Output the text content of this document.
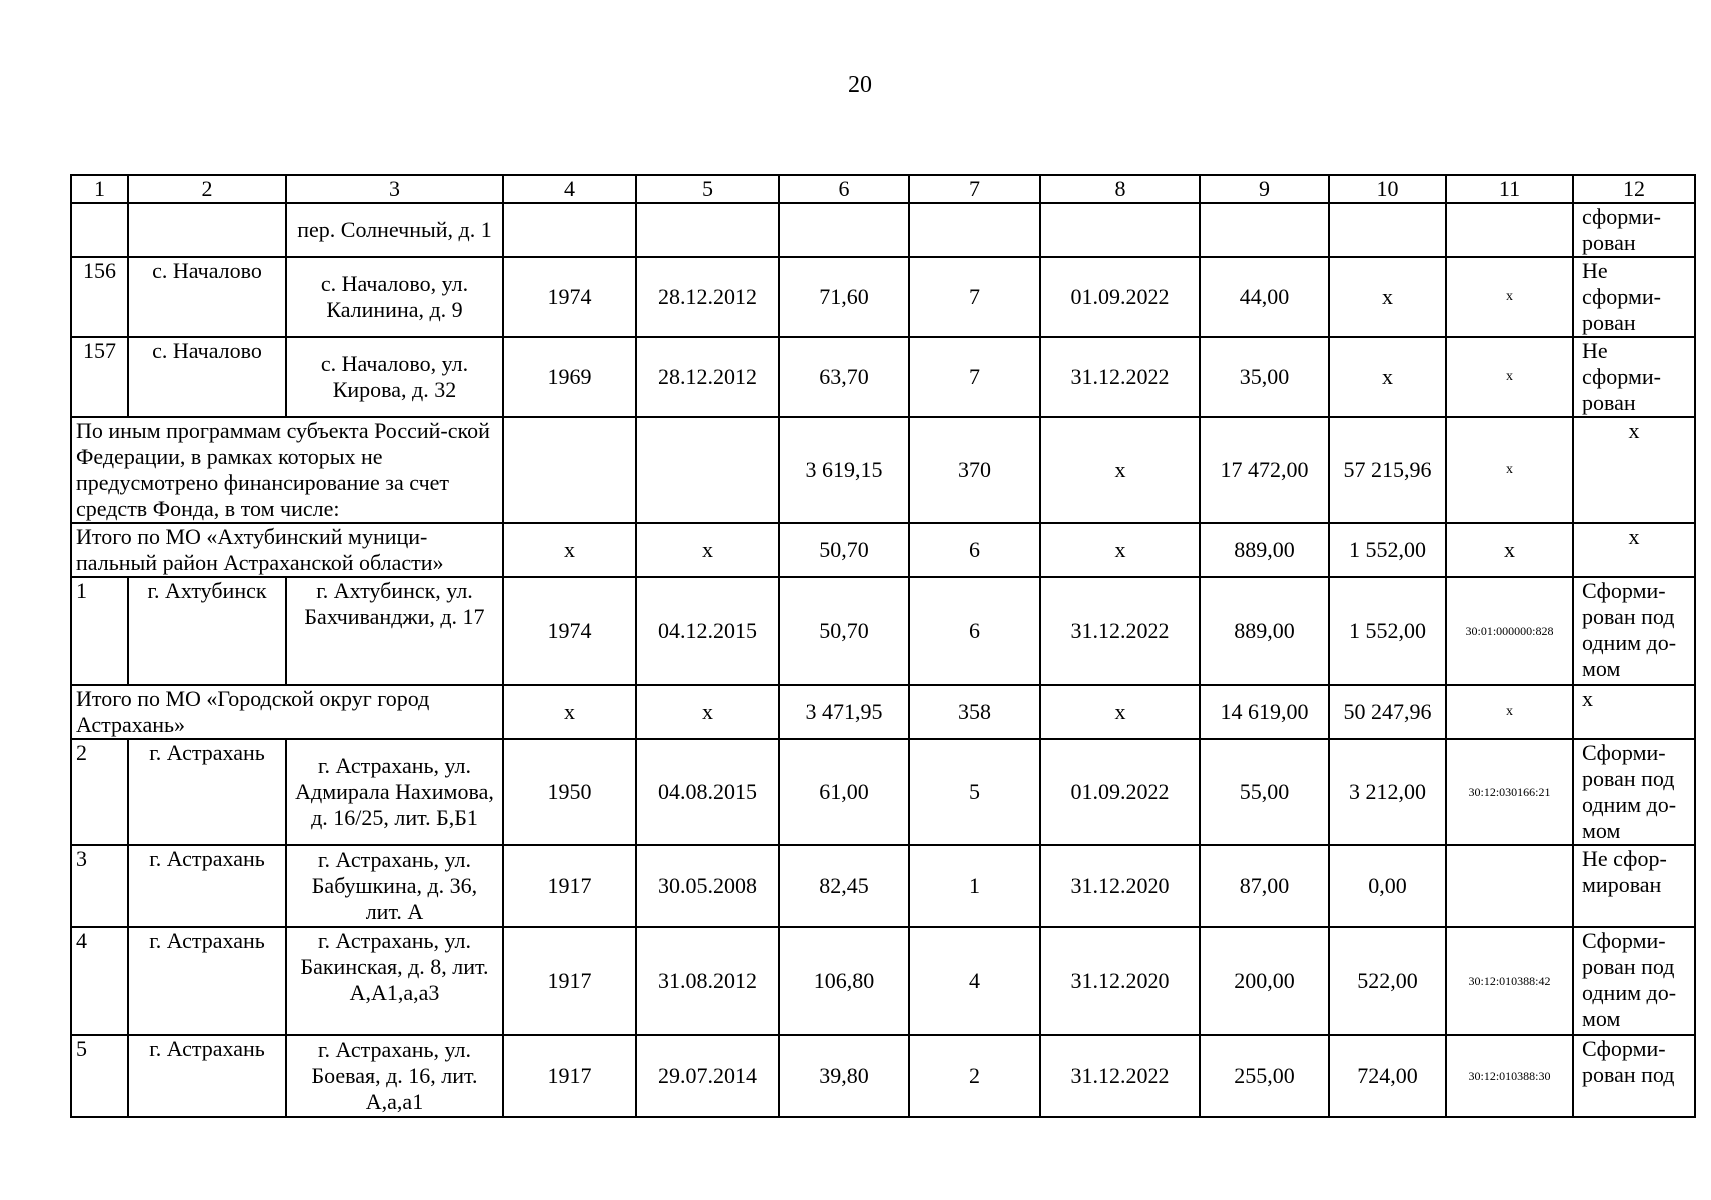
20
1	2	3	4	5	6	7	8	9	10	11	12
		пер. Солнечный, д. 1									сформи-рован
156	с. Началово	с. Началово, ул. Калинина, д. 9	1974	28.12.2012	71,60	7	01.09.2022	44,00	x	x	Не сформи-рован
157	с. Началово	с. Началово, ул. Кирова, д. 32	1969	28.12.2012	63,70	7	31.12.2022	35,00	x	x	Не сформи-рован
По иным программам субъекта Россий-ской Федерации, в рамках которых не предусмотрено финансирование за счет средств Фонда, в том числе:					3 619,15	370	x	17 472,00	57 215,96	x	x
Итого по МО «Ахтубинский муници-пальный район Астраханской области»			x	x	50,70	6	x	889,00	1 552,00	x	x
1	г. Ахтубинск	г. Ахтубинск, ул. Бахчиванджи, д. 17	1974	04.12.2015	50,70	6	31.12.2022	889,00	1 552,00	30:01:000000:828	Сформи-рован под одним до-мом
Итого по МО «Городской округ город Астрахань»			x	x	3 471,95	358	x	14 619,00	50 247,96	x	x
2	г. Астрахань	г. Астрахань, ул. Адмирала Нахимова, д. 16/25, лит. Б,Б1	1950	04.08.2015	61,00	5	01.09.2022	55,00	3 212,00	30:12:030166:21	Сформи-рован под одним до-мом
3	г. Астрахань	г. Астрахань, ул. Бабушкина, д. 36, лит. А	1917	30.05.2008	82,45	1	31.12.2020	87,00	0,00		Не сфор-мирован
4	г. Астрахань	г. Астрахань, ул. Бакинская, д. 8, лит. А,А1,а,а3	1917	31.08.2012	106,80	4	31.12.2020	200,00	522,00	30:12:010388:42	Сформи-рован под одним до-мом
5	г. Астрахань	г. Астрахань, ул. Боевая, д. 16, лит. А,а,а1	1917	29.07.2014	39,80	2	31.12.2022	255,00	724,00	30:12:010388:30	Сформи-рован под
